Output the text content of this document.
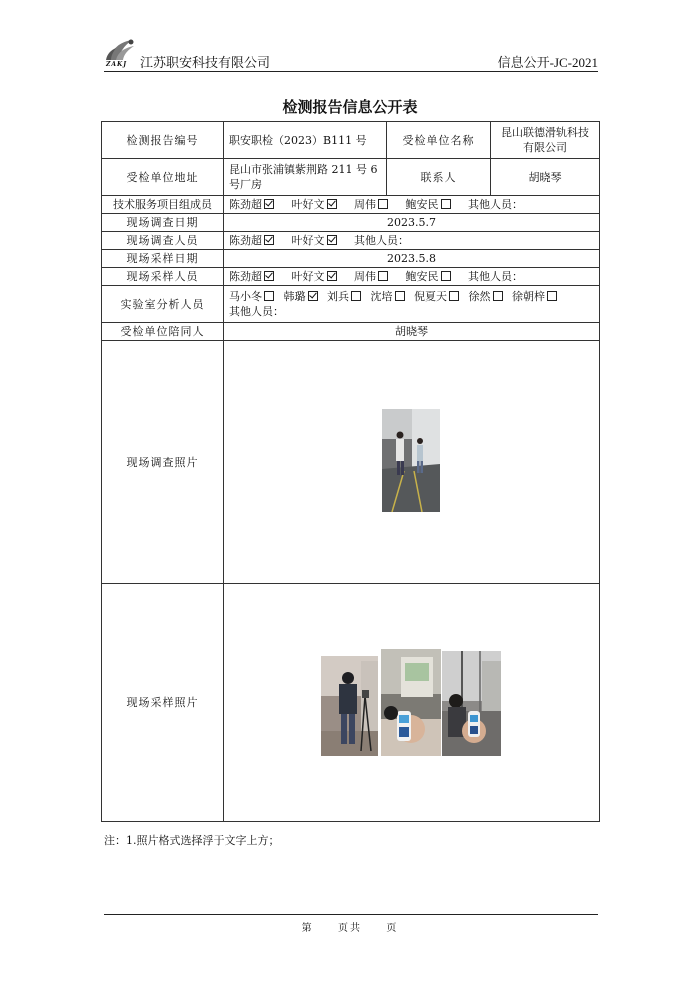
ZAKJ 江苏职安科技有限公司	信息公开-JC-2021
检测报告信息公开表
检测报告编号	职安职检（2023）B111 号	受检单位名称	昆山联德滑轨科技有限公司
受检单位地址	昆山市张浦镇紫荆路 211 号 6 号厂房	联系人	胡晓琴
技术服务项目组成员	陈劲超 叶好文 周伟 鲍安民 其他人员：		
现场调查日期	2023.5.7		
现场调查人员	陈劲超 叶好文 其他人员：		
现场采样日期	2023.5.8		
现场采样人员	陈劲超 叶好文 周伟 鲍安民 其他人员：		
实验室分析人员	马小冬 韩璐 刘兵 沈培 倪夏天 徐然 徐朝梓
其他人员：		
受检单位陪同人	胡晓琴		
现场调查照片	

现场采样照片	
注：1.照片格式选择浮于文字上方；
第 页共 页
